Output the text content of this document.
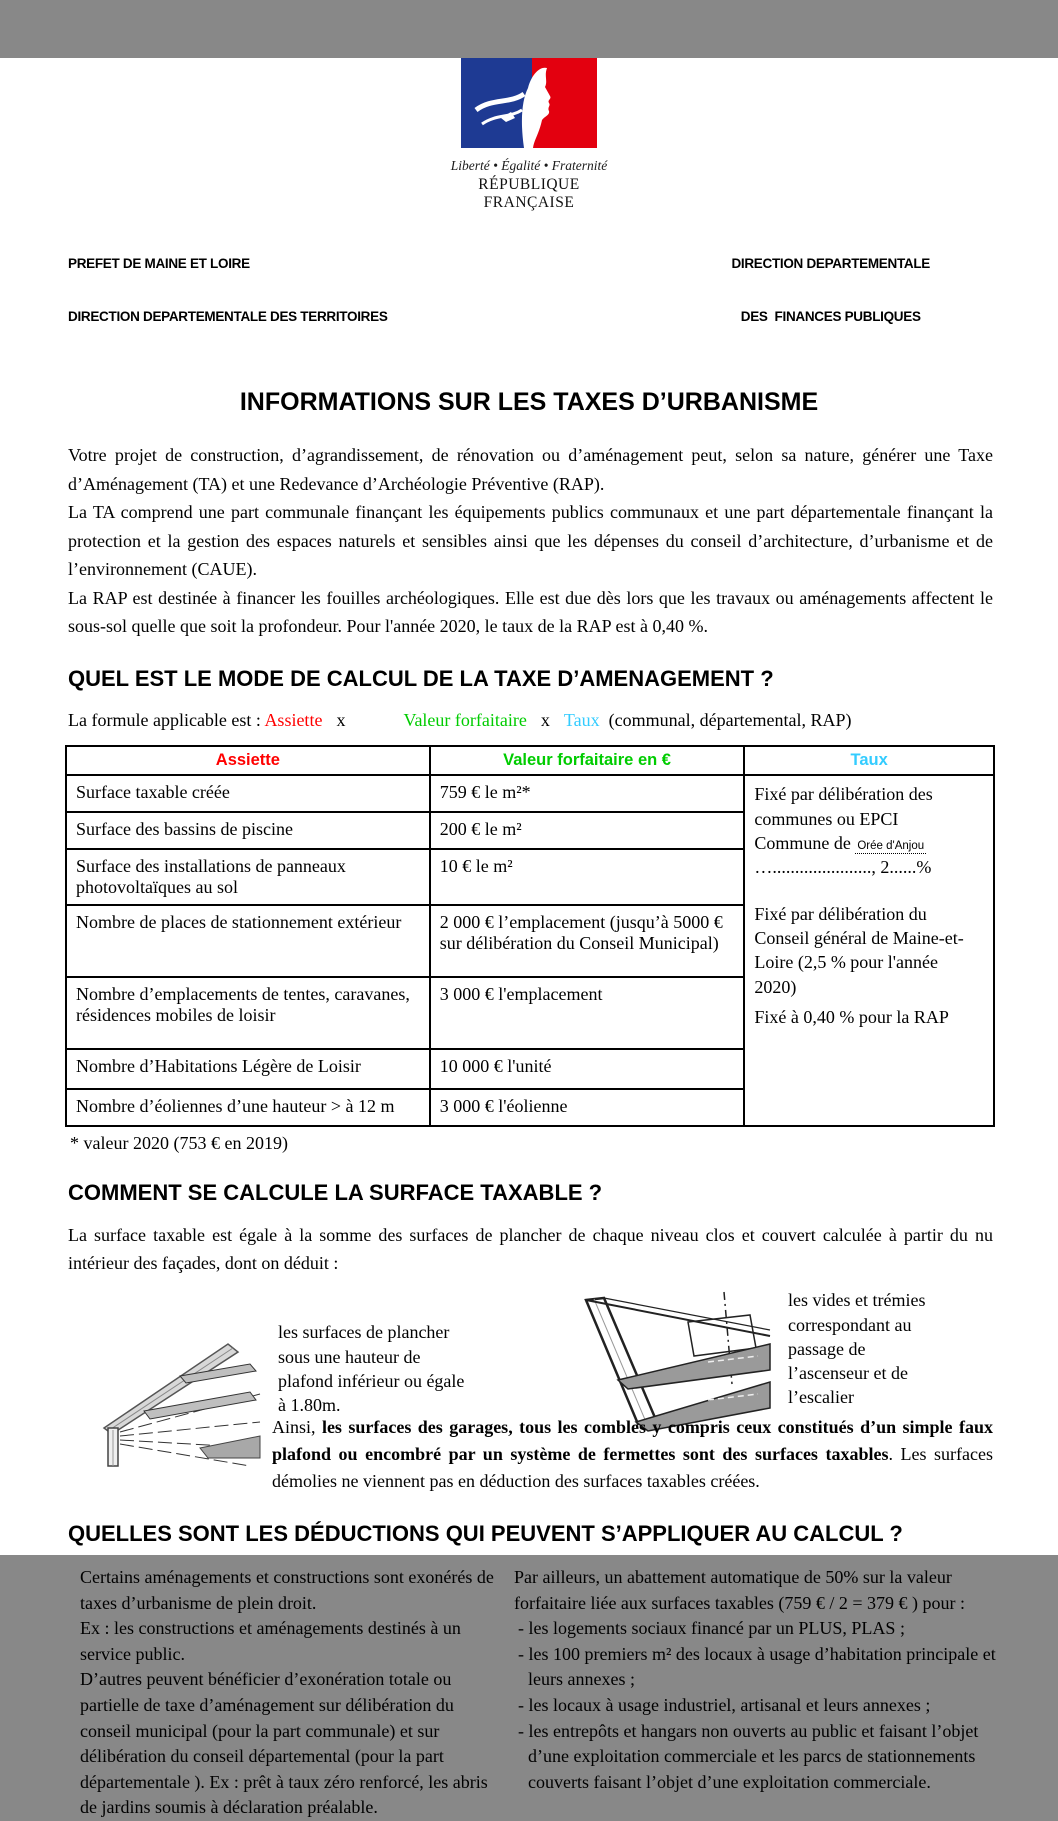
Liberté • Égalité • Fraternité
RÉPUBLIQUE FRANÇAISE

PREFET DE MAINE ET LOIRE

DIRECTION DEPARTEMENTALE DES TERRITOIRES

DIRECTION DEPARTEMENTALE

DES  FINANCES PUBLIQUES

INFORMATIONS SUR LES TAXES D’URBANISME

Votre projet de construction, d’agrandissement, de rénovation ou d’aménagement peut, selon sa nature, générer une Taxe d’Aménagement (TA) et une Redevance d’Archéologie Préventive (RAP).

La TA comprend une part communale finançant les équipements publics communaux et une part départementale finançant la protection et la gestion des espaces naturels et sensibles ainsi que les dépenses du conseil d’architecture, d’urbanisme et de l’environnement (CAUE).

La RAP est destinée à financer les fouilles archéologiques. Elle est due dès lors que les travaux ou aménagements affectent le sous-sol quelle que soit la profondeur. Pour l'année 2020, le taux de la RAP est à 0,40 %.

QUEL EST LE MODE DE CALCUL DE LA TAXE D’AMENAGEMENT ?

La formule applicable est : Assiette x	Valeur forfaitaire x Taux (communal, départemental, RAP)

Assiette	Valeur forfaitaire en €	Taux
Surface taxable créée	759 € le m²*	Fixé par délibération des communes ou EPCI

Commune de Orée d'Anjou

…......................, 2......%

Fixé par délibération du Conseil général de Maine-et-Loire (2,5 % pour l'année 2020)

Fixé à 0,40 % pour la RAP

Surface des bassins de piscine	200 € le m²	
Surface des installations de panneaux photovoltaïques au sol	10 € le m²	
Nombre de places de stationnement extérieur	2 000 € l’emplacement (jusqu’à 5000 € sur délibération du Conseil Municipal)	
Nombre d’emplacements de tentes, caravanes, résidences mobiles de loisir	3 000 € l'emplacement	
Nombre d’Habitations Légère de Loisir	10 000 € l'unité	
Nombre d’éoliennes d’une hauteur > à 12 m	3 000 € l'éolienne	

* valeur 2020 (753 € en 2019)

COMMENT SE CALCULE LA SURFACE TAXABLE ?

La surface taxable est égale à la somme des surfaces de plancher de chaque niveau clos et couvert calculée à partir du nu intérieur des façades, dont on déduit :

les surfaces de plancher sous une hauteur de plafond inférieur ou égale à 1.80m.

les vides et trémies correspondant au passage de l’ascenseur et de l’escalier

Ainsi, les surfaces des garages, tous les combles y compris ceux constitués d’un simple faux plafond ou encombré par un système de fermettes sont des surfaces taxables. Les surfaces démolies ne viennent pas en déduction des surfaces taxables créées.

QUELLES SONT LES DÉDUCTIONS QUI PEUVENT S’APPLIQUER AU CALCUL ?

Certains aménagements et constructions sont exonérés de taxes d’urbanisme de plein droit.

Ex : les constructions et aménagements destinés à un service public.

D’autres peuvent bénéficier d’exonération totale ou partielle de taxe d’aménagement sur délibération du conseil municipal (pour la part communale) et sur délibération du conseil départemental (pour la part départementale ). Ex : prêt à taux zéro renforcé, les abris de jardins soumis à déclaration préalable.

Par ailleurs, un abattement automatique de 50% sur la valeur forfaitaire liée aux surfaces taxables (759 € / 2 = 379 € ) pour :

- les logements sociaux financé par un PLUS, PLAS ;

- les 100 premiers m² des locaux à usage d’habitation principale et leurs annexes ;

- les locaux à usage industriel, artisanal et leurs annexes ;

- les entrepôts et hangars non ouverts au public et faisant l’objet d’une exploitation commerciale et les parcs de stationnements couverts faisant l’objet d’une exploitation commerciale.
